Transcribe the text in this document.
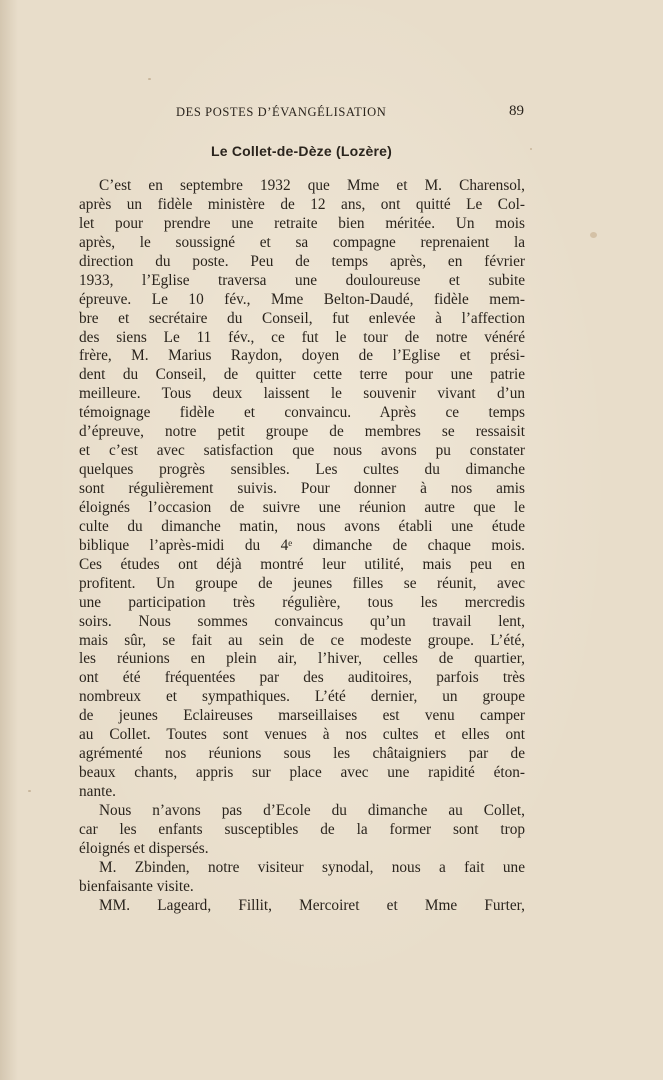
DES POSTES D’ÉVANGÉLISATION	89
Le Collet-de-Dèze (Lozère)
C’est en septembre 1932 que Mme et M. Charensol,
après un fidèle ministère de 12 ans, ont quitté Le Col-
let pour prendre une retraite bien méritée. Un mois
après, le soussigné et sa compagne reprenaient la
direction du poste. Peu de temps après, en février
1933, l’Eglise traversa une douloureuse et subite
épreuve. Le 10 fév., Mme Belton-Daudé, fidèle mem-
bre et secrétaire du Conseil, fut enlevée à l’affection
des siens Le 11 fév., ce fut le tour de notre vénéré
frère, M. Marius Raydon, doyen de l’Eglise et prési-
dent du Conseil, de quitter cette terre pour une patrie
meilleure. Tous deux laissent le souvenir vivant d’un
témoignage fidèle et convaincu. Après ce temps
d’épreuve, notre petit groupe de membres se ressaisit
et c’est avec satisfaction que nous avons pu constater
quelques progrès sensibles. Les cultes du dimanche
sont régulièrement suivis. Pour donner à nos amis
éloignés l’occasion de suivre une réunion autre que le
culte du dimanche matin, nous avons établi une étude
biblique l’après-midi du 4ᵉ dimanche de chaque mois.
Ces études ont déjà montré leur utilité, mais peu en
profitent. Un groupe de jeunes filles se réunit, avec
une participation très régulière, tous les mercredis
soirs. Nous sommes convaincus qu’un travail lent,
mais sûr, se fait au sein de ce modeste groupe. L’été,
les réunions en plein air, l’hiver, celles de quartier,
ont été fréquentées par des auditoires, parfois très
nombreux et sympathiques. L’été dernier, un groupe
de jeunes Eclaireuses marseillaises est venu camper
au Collet. Toutes sont venues à nos cultes et elles ont
agrémenté nos réunions sous les châtaigniers par de
beaux chants, appris sur place avec une rapidité éton-
nante.
Nous n’avons pas d’Ecole du dimanche au Collet,
car les enfants susceptibles de la former sont trop
éloignés et dispersés.
M. Zbinden, notre visiteur synodal, nous a fait une
bienfaisante visite.
MM. Lageard, Fillit, Mercoiret et Mme Furter,
